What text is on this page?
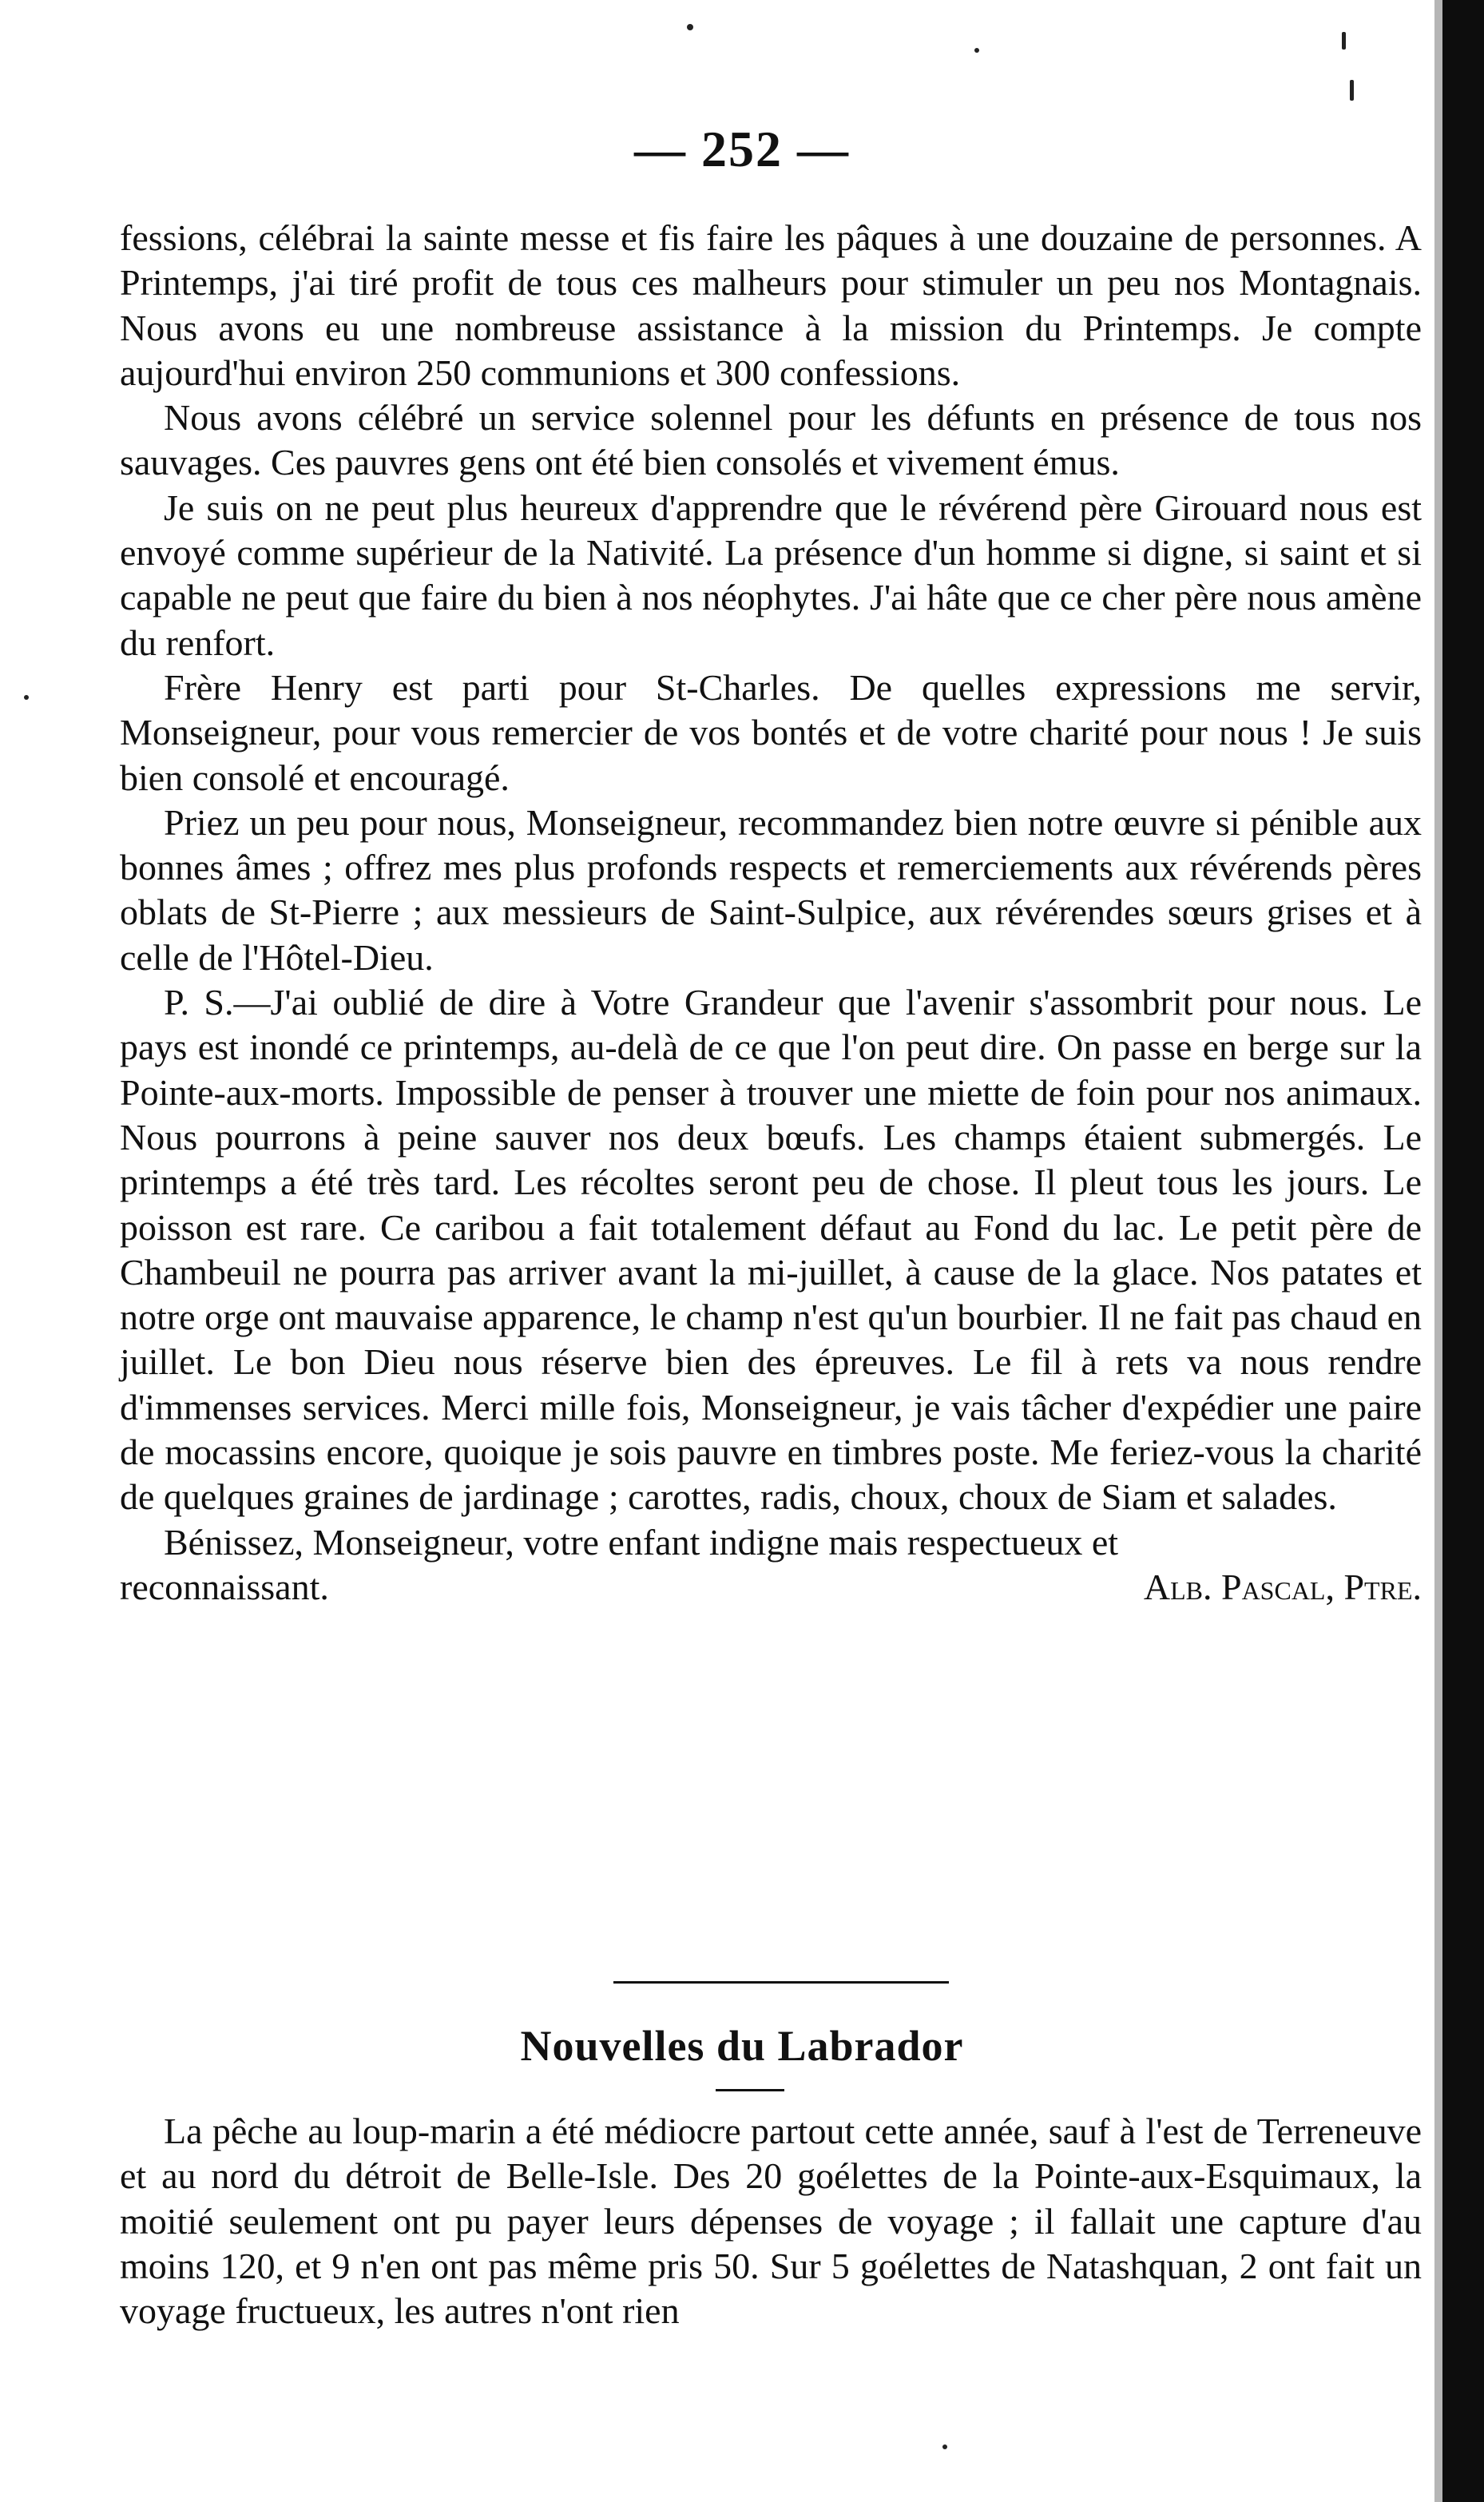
— 252 —

fessions, célébrai la sainte messe et fis faire les pâques à une douzaine de personnes. A Printemps, j'ai tiré profit de tous ces malheurs pour stimuler un peu nos Montagnais. Nous avons eu une nombreuse assistance à la mission du Printemps. Je compte aujourd'hui environ 250 communions et 300 confessions.

Nous avons célébré un service solennel pour les défunts en présence de tous nos sauvages. Ces pauvres gens ont été bien consolés et vivement émus.

Je suis on ne peut plus heureux d'apprendre que le révérend père Girouard nous est envoyé comme supérieur de la Nativité. La présence d'un homme si digne, si saint et si capable ne peut que faire du bien à nos néophytes. J'ai hâte que ce cher père nous amène du renfort.

Frère Henry est parti pour St-Charles. De quelles expressions me servir, Monseigneur, pour vous remercier de vos bontés et de votre charité pour nous ! Je suis bien consolé et encouragé.

Priez un peu pour nous, Monseigneur, recommandez bien notre œuvre si pénible aux bonnes âmes ; offrez mes plus profonds respects et remerciements aux révérends pères oblats de St-Pierre ; aux messieurs de Saint-Sulpice, aux révérendes sœurs grises et à celle de l'Hôtel-Dieu.

P. S.—J'ai oublié de dire à Votre Grandeur que l'avenir s'assombrit pour nous. Le pays est inondé ce printemps, au-delà de ce que l'on peut dire. On passe en berge sur la Pointe-aux-morts. Impossible de penser à trouver une miette de foin pour nos animaux. Nous pourrons à peine sauver nos deux bœufs. Les champs étaient submergés. Le printemps a été très tard. Les récoltes seront peu de chose. Il pleut tous les jours. Le poisson est rare. Ce caribou a fait totalement défaut au Fond du lac. Le petit père de Chambeuil ne pourra pas arriver avant la mi-juillet, à cause de la glace. Nos patates et notre orge ont mauvaise apparence, le champ n'est qu'un bourbier. Il ne fait pas chaud en juillet. Le bon Dieu nous réserve bien des épreuves. Le fil à rets va nous rendre d'immenses services. Merci mille fois, Monseigneur, je vais tâcher d'expédier une paire de mocassins encore, quoique je sois pauvre en timbres poste. Me feriez-vous la charité de quelques graines de jardinage ; carottes, radis, choux, choux de Siam et salades.

Bénissez, Monseigneur, votre enfant indigne mais respectueux et

reconnaissant.	Alb. Pascal, Ptre.
Nouvelles du Labrador

La pêche au loup-marin a été médiocre partout cette année, sauf à l'est de Terreneuve et au nord du détroit de Belle-Isle. Des 20 goélettes de la Pointe-aux-Esquimaux, la moitié seulement ont pu payer leurs dépenses de voyage ; il fallait une capture d'au moins 120, et 9 n'en ont pas même pris 50. Sur 5 goélettes de Natashquan, 2 ont fait un voyage fructueux, les autres n'ont rien
